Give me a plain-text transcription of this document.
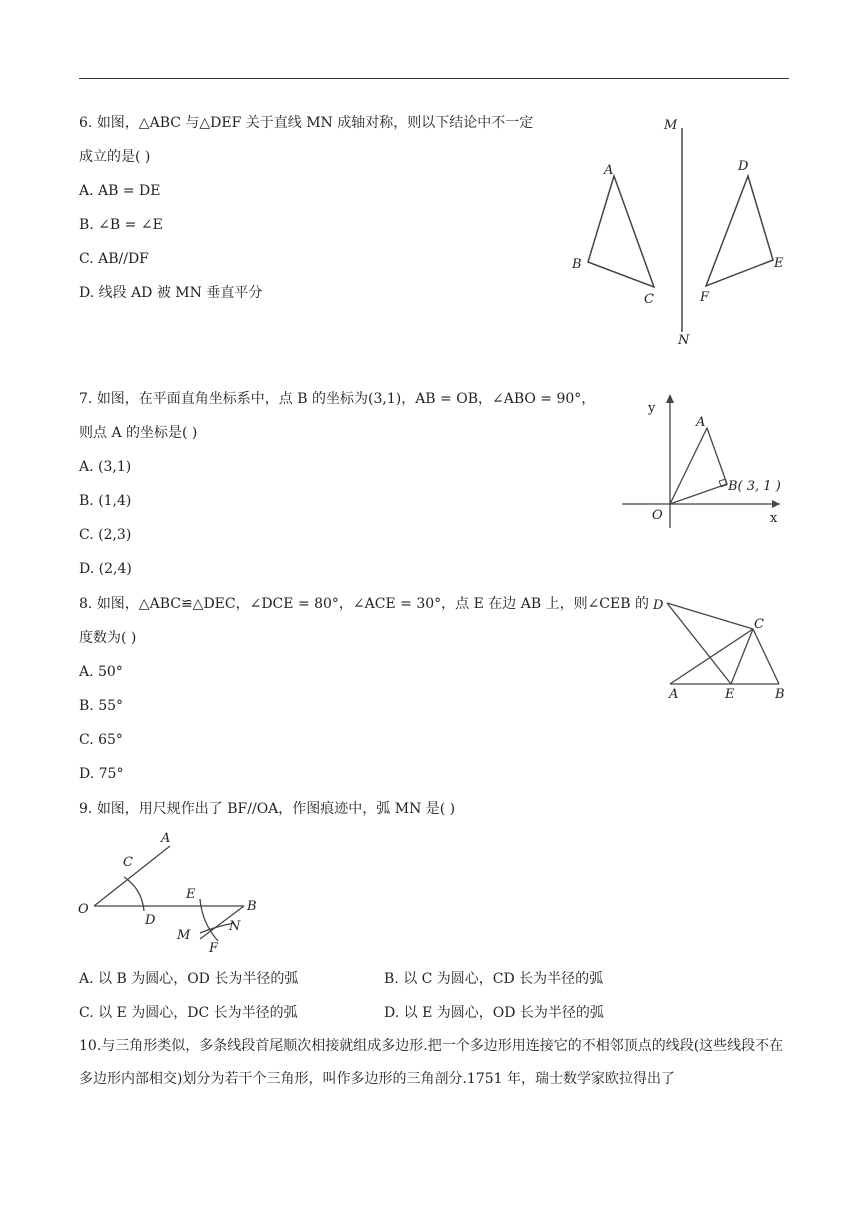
6. 如图，△ABC 与△DEF 关于直线 MN 成轴对称，则以下结论中不一定
成立的是( )
A. AB = DE
B. ∠B = ∠E
C. AB//DF
D. 线段 AD 被 MN 垂直平分
M
N
A
B
C
D
E
F
7. 如图，在平面直角坐标系中，点 B 的坐标为(3,1)，AB = OB，∠ABO = 90°，
则点 A 的坐标是( )
A. (3,1)
B. (1,4)
C. (2,3)
D. (2,4)
y
x
O
A
B( 3, 1 )
8. 如图，△ABC≌△DEC，∠DCE = 80°，∠ACE = 30°，点 E 在边 AB 上，则∠CEB 的
度数为( )
A. 50°
B. 55°
C. 65°
D. 75°
D
C
A	E	B
9. 如图，用尺规作出了 BF//OA，作图痕迹中，弧 MN 是( )
A
C
O
D
E
B
M
N
F
A. 以 B 为圆心，OD 长为半径的弧	B. 以 C 为圆心，CD 长为半径的弧
C. 以 E 为圆心，DC 长为半径的弧	D. 以 E 为圆心，OD 长为半径的弧
10.与三角形类似，多条线段首尾顺次相接就组成多边形.把一个多边形用连接它的不相邻顶点的线段(这些线段不在多边形内部相交)划分为若干个三角形，叫作多边形的三角剖分.1751 年，瑞士数学家欧拉得出了
